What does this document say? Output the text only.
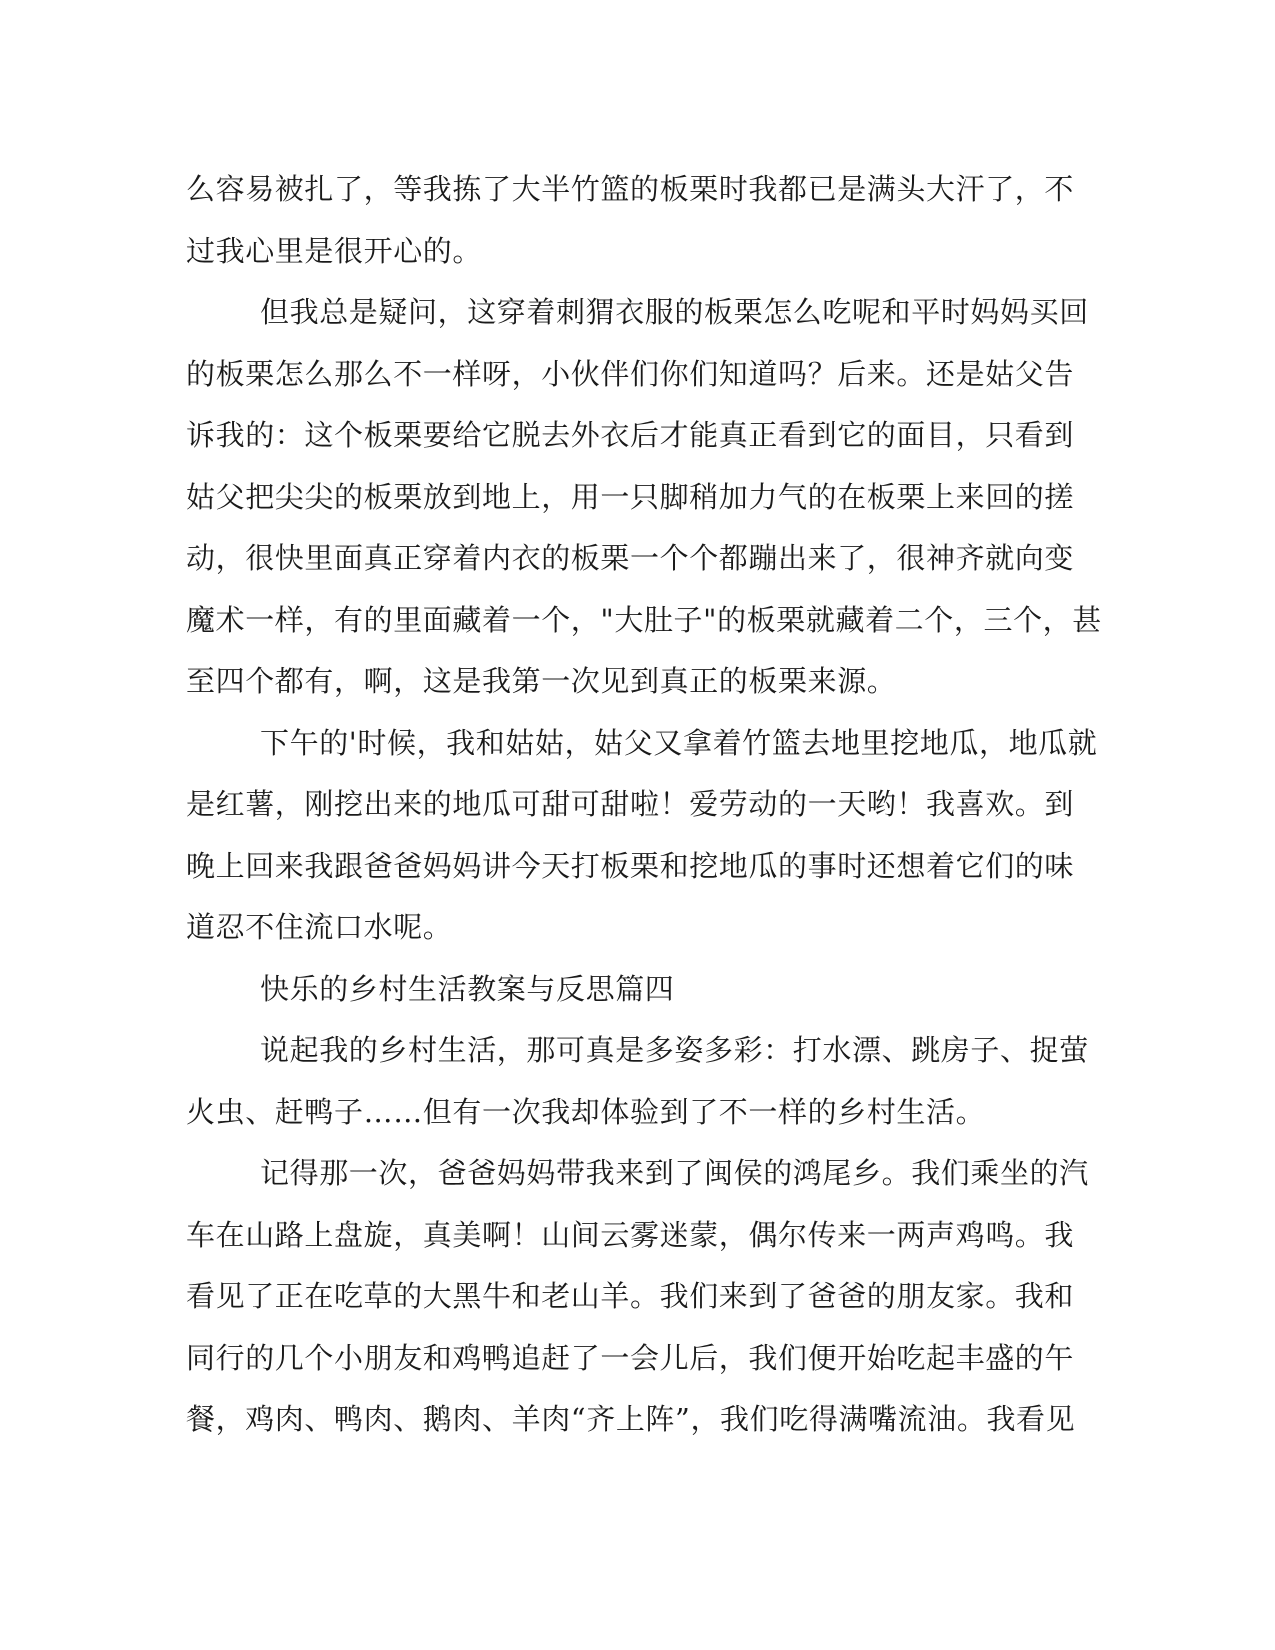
么容易被扎了，等我拣了大半竹篮的板栗时我都已是满头大汗了，不
过我心里是很开心的。
但我总是疑问，这穿着刺猬衣服的板栗怎么吃呢和平时妈妈买回
的板栗怎么那么不一样呀，小伙伴们你们知道吗？后来。还是姑父告
诉我的：这个板栗要给它脱去外衣后才能真正看到它的面目，只看到
姑父把尖尖的板栗放到地上，用一只脚稍加力气的在板栗上来回的搓
动，很快里面真正穿着内衣的板栗一个个都蹦出来了，很神齐就向变
魔术一样，有的里面藏着一个，"大肚子"的板栗就藏着二个，三个，甚
至四个都有，啊，这是我第一次见到真正的板栗来源。
下午的'时候，我和姑姑，姑父又拿着竹篮去地里挖地瓜，地瓜就
是红薯，刚挖出来的地瓜可甜可甜啦！爱劳动的一天哟！我喜欢。到
晚上回来我跟爸爸妈妈讲今天打板栗和挖地瓜的事时还想着它们的味
道忍不住流口水呢。
快乐的乡村生活教案与反思篇四
说起我的乡村生活，那可真是多姿多彩：打水漂、跳房子、捉萤
火虫、赶鸭子……但有一次我却体验到了不一样的乡村生活。
记得那一次，爸爸妈妈带我来到了闽侯的鸿尾乡。我们乘坐的汽
车在山路上盘旋，真美啊！山间云雾迷蒙，偶尔传来一两声鸡鸣。我
看见了正在吃草的大黑牛和老山羊。我们来到了爸爸的朋友家。我和
同行的几个小朋友和鸡鸭追赶了一会儿后，我们便开始吃起丰盛的午
餐，鸡肉、鸭肉、鹅肉、羊肉“齐上阵”，我们吃得满嘴流油。我看见
